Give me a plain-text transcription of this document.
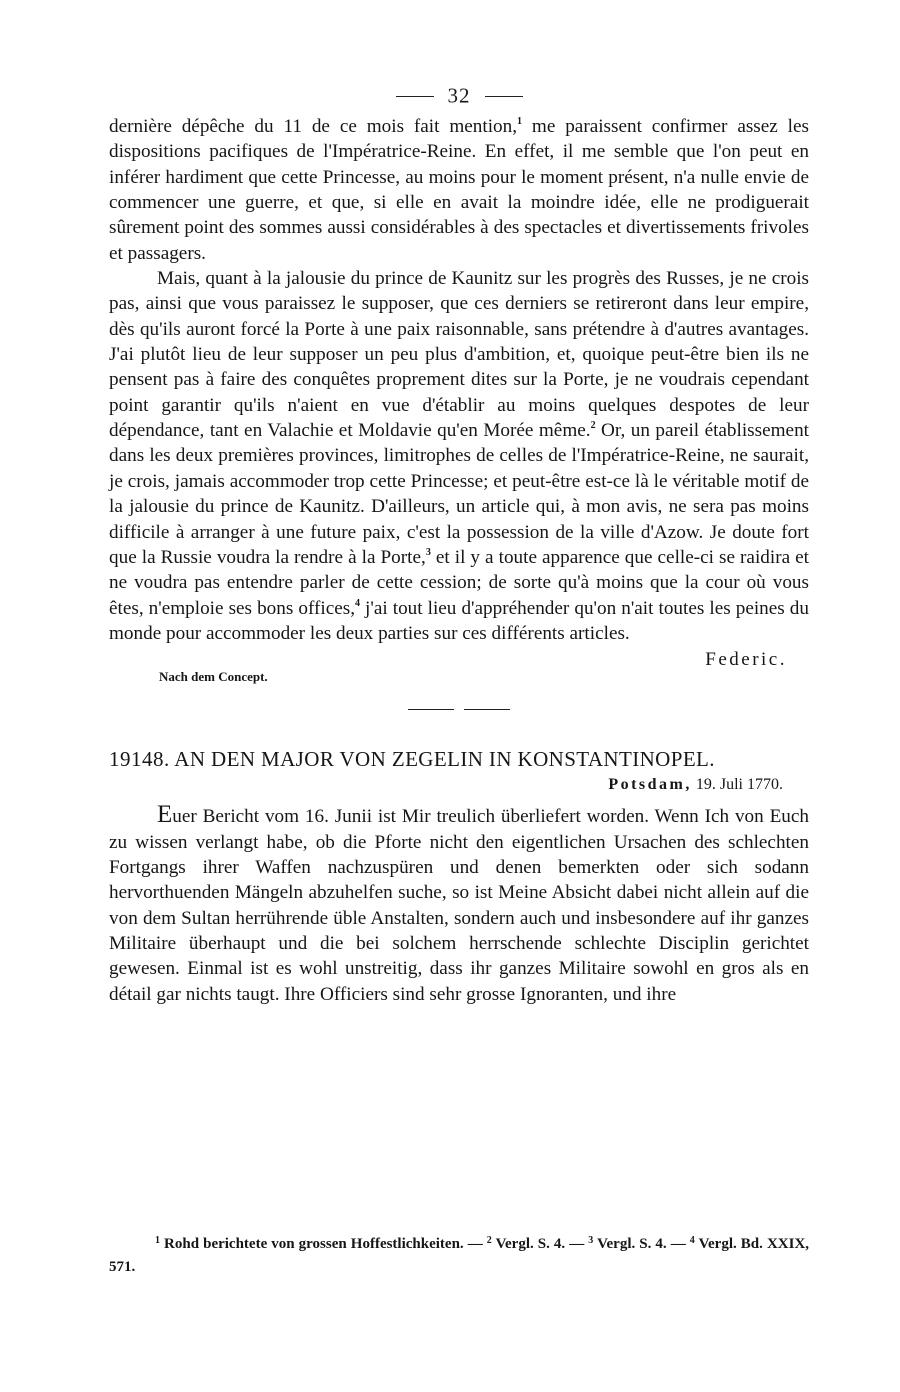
32

dernière dépêche du 11 de ce mois fait mention,$^1$ me paraissent confirmer assez les dispositions pacifiques de l'Impératrice-Reine. En effet, il me semble que l'on peut en inférer hardiment que cette Princesse, au moins pour le moment présent, n'a nulle envie de commencer une guerre, et que, si elle en avait la moindre idée, elle ne prodiguerait sûrement point des sommes aussi considérables à des spectacles et divertissements frivoles et passagers.

Mais, quant à la jalousie du prince de Kaunitz sur les progrès des Russes, je ne crois pas, ainsi que vous paraissez le supposer, que ces derniers se retireront dans leur empire, dès qu'ils auront forcé la Porte à une paix raisonnable, sans prétendre à d'autres avantages. J'ai plutôt lieu de leur supposer un peu plus d'ambition, et, quoique peut-être bien ils ne pensent pas à faire des conquêtes proprement dites sur la Porte, je ne voudrais cependant point garantir qu'ils n'aient en vue d'établir au moins quelques despotes de leur dépendance, tant en Valachie et Moldavie qu'en Morée même.$^2$ Or, un pareil établissement dans les deux premières provinces, limitrophes de celles de l'Impératrice-Reine, ne saurait, je crois, jamais accommoder trop cette Princesse; et peut-être est-ce là le véritable motif de la jalousie du prince de Kaunitz. D'ailleurs, un article qui, à mon avis, ne sera pas moins difficile à arranger à une future paix, c'est la possession de la ville d'Azow. Je doute fort que la Russie voudra la rendre à la Porte,$^3$ et il y a toute apparence que celle-ci se raidira et ne voudra pas entendre parler de cette cession; de sorte qu'à moins que la cour où vous êtes, n'emploie ses bons offices,$^4$ j'ai tout lieu d'appréhender qu'on n'ait toutes les peines du monde pour accommoder les deux parties sur ces différents articles.

Federic.
Nach dem Concept.
19148. AN DEN MAJOR VON ZEGELIN IN KONSTANTINOPEL.
Potsdam, 19. Juli 1770.

Euer Bericht vom 16. Junii ist Mir treulich überliefert worden. Wenn Ich von Euch zu wissen verlangt habe, ob die Pforte nicht den eigentlichen Ursachen des schlechten Fortgangs ihrer Waffen nachzuspüren und denen bemerkten oder sich sodann hervorthuenden Mängeln abzuhelfen suche, so ist Meine Absicht dabei nicht allein auf die von dem Sultan herrührende üble Anstalten, sondern auch und insbesondere auf ihr ganzes Militaire überhaupt und die bei solchem herrschende schlechte Disciplin gerichtet gewesen. Einmal ist es wohl unstreitig, dass ihr ganzes Militaire sowohl en gros als en détail gar nichts taugt. Ihre Officiers sind sehr grosse Ignoranten, und ihre

$^1$ Rohd berichtete von grossen Hoffestlichkeiten. — $^2$ Vergl. S. 4. — $^3$ Vergl. S. 4. — $^4$ Vergl. Bd. XXIX, 571.
